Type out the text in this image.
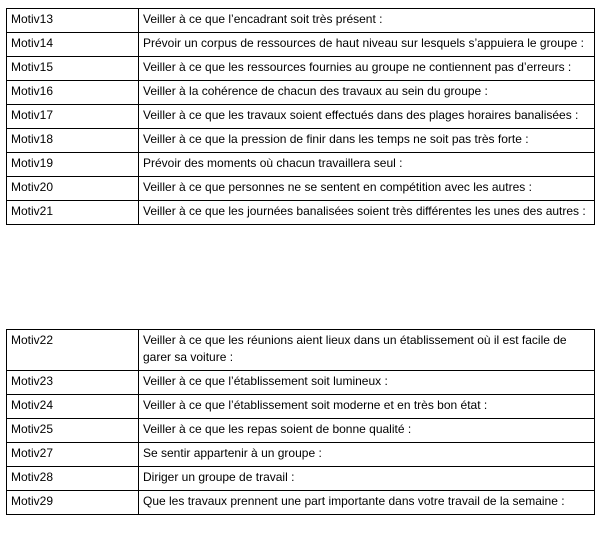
Motiv13	Veiller à ce que l’encadrant soit très présent :
Motiv14	Prévoir un corpus de ressources de haut niveau sur lesquels s’appuiera le groupe :
Motiv15	Veiller à ce que les ressources fournies au groupe ne contiennent pas d’erreurs :
Motiv16	Veiller à la cohérence de chacun des travaux au sein du groupe :
Motiv17	Veiller à ce que les travaux soient effectués dans des plages horaires banalisées :
Motiv18	Veiller à ce que la pression de finir dans les temps ne soit pas très forte :
Motiv19	Prévoir des moments où chacun travaillera seul :
Motiv20	Veiller à ce que personnes ne se sentent en compétition avec les autres :
Motiv21	Veiller à ce que les journées banalisées soient très différentes les unes des autres :
Motiv22	Veiller à ce que les réunions aient lieux dans un établissement où il est facile de garer sa voiture :
Motiv23	Veiller à ce que l’établissement soit lumineux :
Motiv24	Veiller à ce que l’établissement soit moderne et en très bon état :
Motiv25	Veiller à ce que les repas soient de bonne qualité :
Motiv27	Se sentir appartenir à un groupe :
Motiv28	Diriger un groupe de travail :
Motiv29	Que les travaux prennent une part importante dans votre travail de la semaine :
